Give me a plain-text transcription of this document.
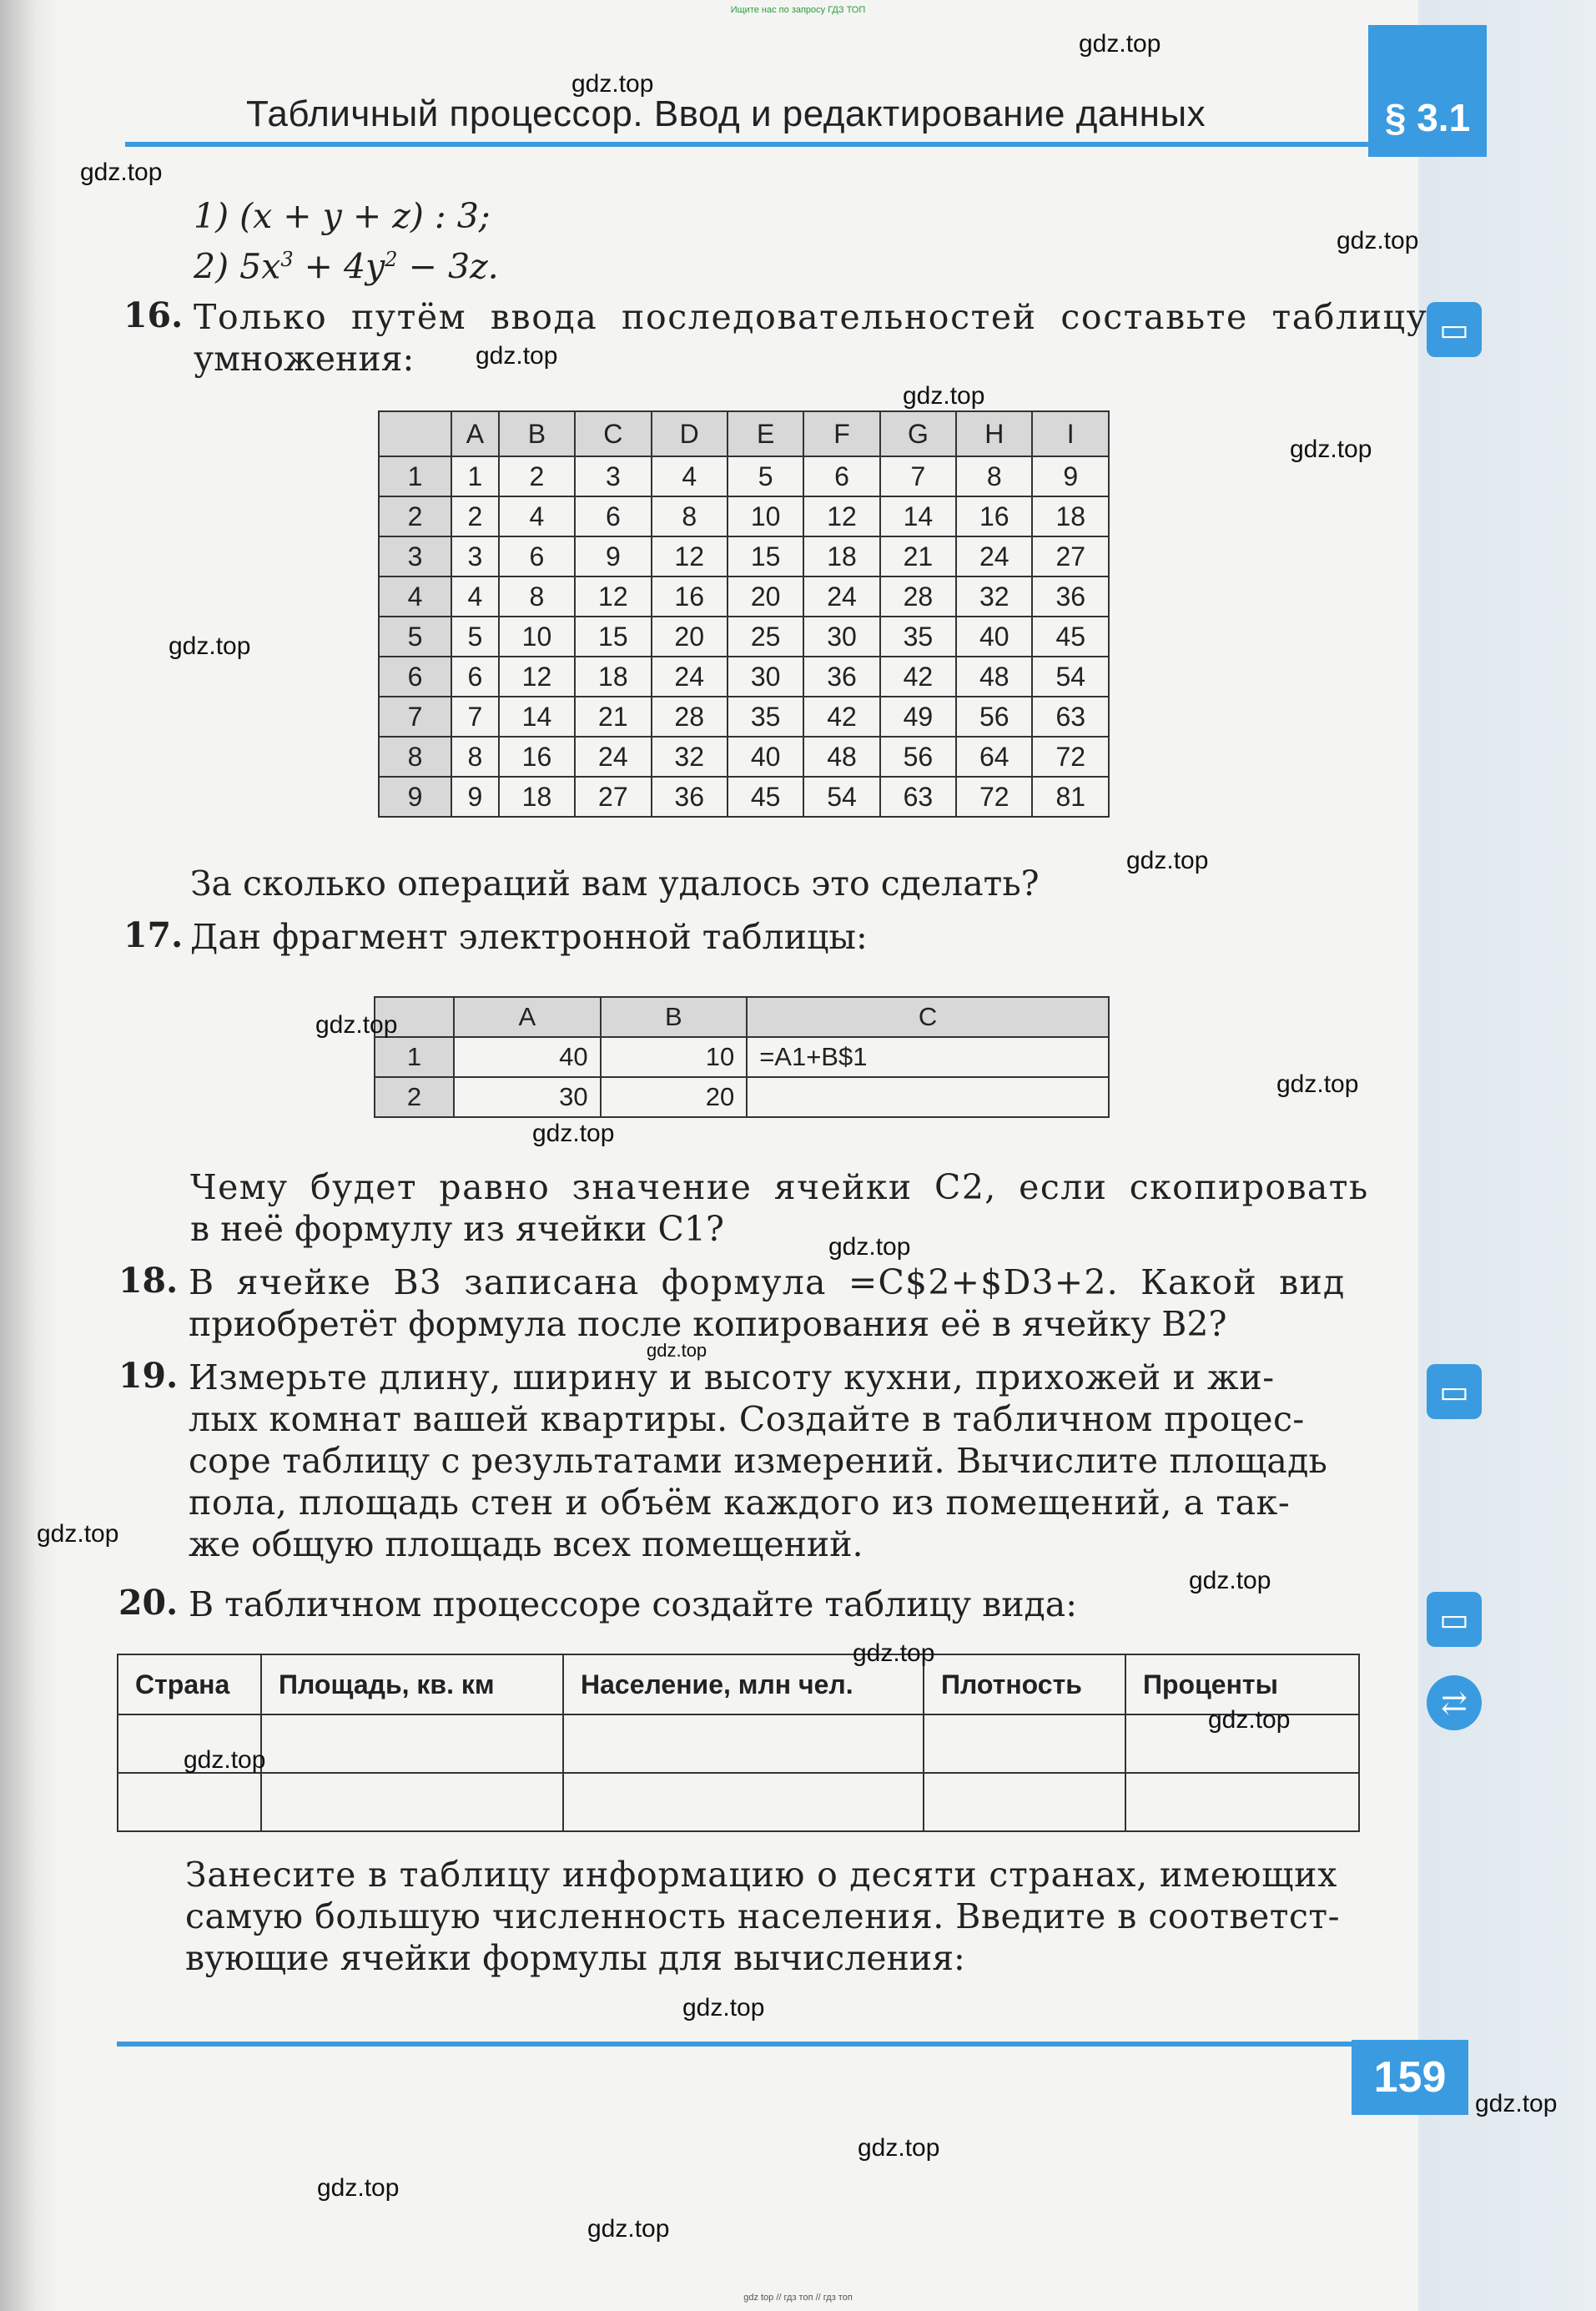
Ищите нас по запросу ГДЗ ТОП
Табличный процессор. Ввод и редактирование данных	§ 3.1
▭
▭
▭
⇄
1) (x + y + z) : 3;
2) $5x^3 + 4y^2 - 3z$.
16. Только путём ввода последовательностей составьте таблицу
умножения:
	A	B	C	D	E	F	G	H	I
1	1	2	3	4	5	6	7	8	9
2	2	4	6	8	10	12	14	16	18
3	3	6	9	12	15	18	21	24	27
4	4	8	12	16	20	24	28	32	36
5	5	10	15	20	25	30	35	40	45
6	6	12	18	24	30	36	42	48	54
7	7	14	21	28	35	42	49	56	63
8	8	16	24	32	40	48	56	64	72
9	9	18	27	36	45	54	63	72	81
За сколько операций вам удалось это сделать?
17. Дан фрагмент электронной таблицы:
	A	B	C
1	40	10	=A1+B$1
2	30	20	
Чему будет равно значение ячейки C2, если скопировать
в неё формулу из ячейки C1?
18. В ячейке B3 записана формула =C$2+$D3+2. Какой вид
приобретёт формула после копирования её в ячейку B2?
19. Измерьте длину, ширину и высоту кухни, прихожей и жи-
лых комнат вашей квартиры. Создайте в табличном процес-
соре таблицу с результатами измерений. Вычислите площадь
пола, площадь стен и объём каждого из помещений, а так-
же общую площадь всех помещений.
20. В табличном процессоре создайте таблицу вида:
Страна	Площадь, кв. км	Население, млн чел.	Плотность	Проценты

Занесите в таблицу информацию о десяти странах, имеющих
самую большую численность населения. Введите в соответст-
вующие ячейки формулы для вычисления:
159
gdz.top
gdz.top
gdz.top
gdz.top
gdz.top
gdz.top
gdz.top
gdz.top
gdz.top
gdz.top
gdz.top
gdz.top
gdz.top
gdz.top
gdz.top
gdz.top
gdz.top
gdz.top
gdz.top
gdz.top
gdz.top
gdz.top
gdz.top
gdz.top
gdz top // гдз топ // гдз топ
